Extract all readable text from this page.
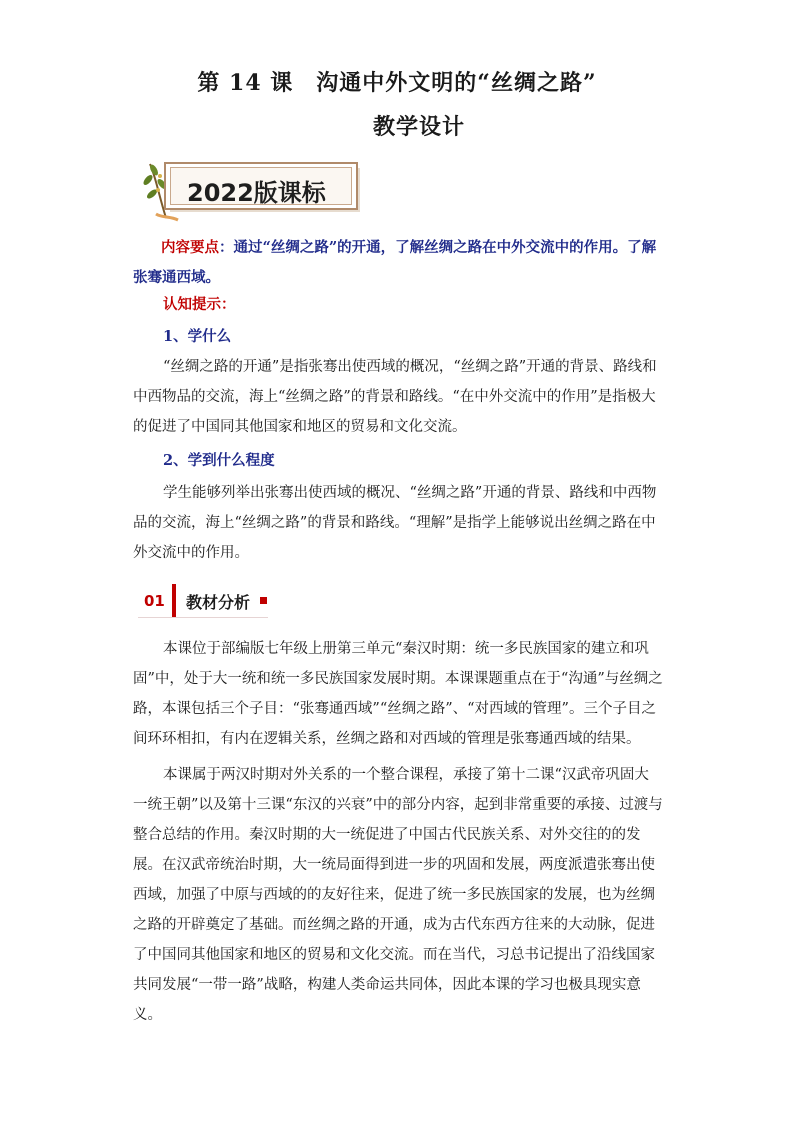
第 14 课　沟通中外文明的“丝绸之路”
教学设计
2022版课标

内容要点：通过“丝绸之路”的开通，了解丝绸之路在中外交流中的作用。了解张骞通西域。

认知提示：

1、学什么

“丝绸之路的开通”是指张骞出使西域的概况，“丝绸之路”开通的背景、路线和中西物品的交流，海上“丝绸之路”的背景和路线。“在中外交流中的作用”是指极大的促进了中国同其他国家和地区的贸易和文化交流。

2、学到什么程度

学生能够列举出张骞出使西域的概况、“丝绸之路”开通的背景、路线和中西物品的交流，海上“丝绸之路”的背景和路线。“理解”是指学上能够说出丝绸之路在中外交流中的作用。

01 教材分析

本课位于部编版七年级上册第三单元“秦汉时期：统一多民族国家的建立和巩固”中，处于大一统和统一多民族国家发展时期。本课课题重点在于“沟通”与丝绸之路，本课包括三个子目：“张骞通西域”“丝绸之路”、“对西域的管理”。三个子目之间环环相扣，有内在逻辑关系，丝绸之路和对西域的管理是张骞通西域的结果。

本课属于两汉时期对外关系的一个整合课程，承接了第十二课“汉武帝巩固大一统王朝”以及第十三课“东汉的兴衰”中的部分内容，起到非常重要的承接、过渡与整合总结的作用。秦汉时期的大一统促进了中国古代民族关系、对外交往的的发展。在汉武帝统治时期，大一统局面得到进一步的巩固和发展，两度派遣张骞出使西域，加强了中原与西域的的友好往来，促进了统一多民族国家的发展，也为丝绸之路的开辟奠定了基础。而丝绸之路的开通，成为古代东西方往来的大动脉，促进了中国同其他国家和地区的贸易和文化交流。而在当代，习总书记提出了沿线国家共同发展“一带一路”战略，构建人类命运共同体，因此本课的学习也极具现实意义。
